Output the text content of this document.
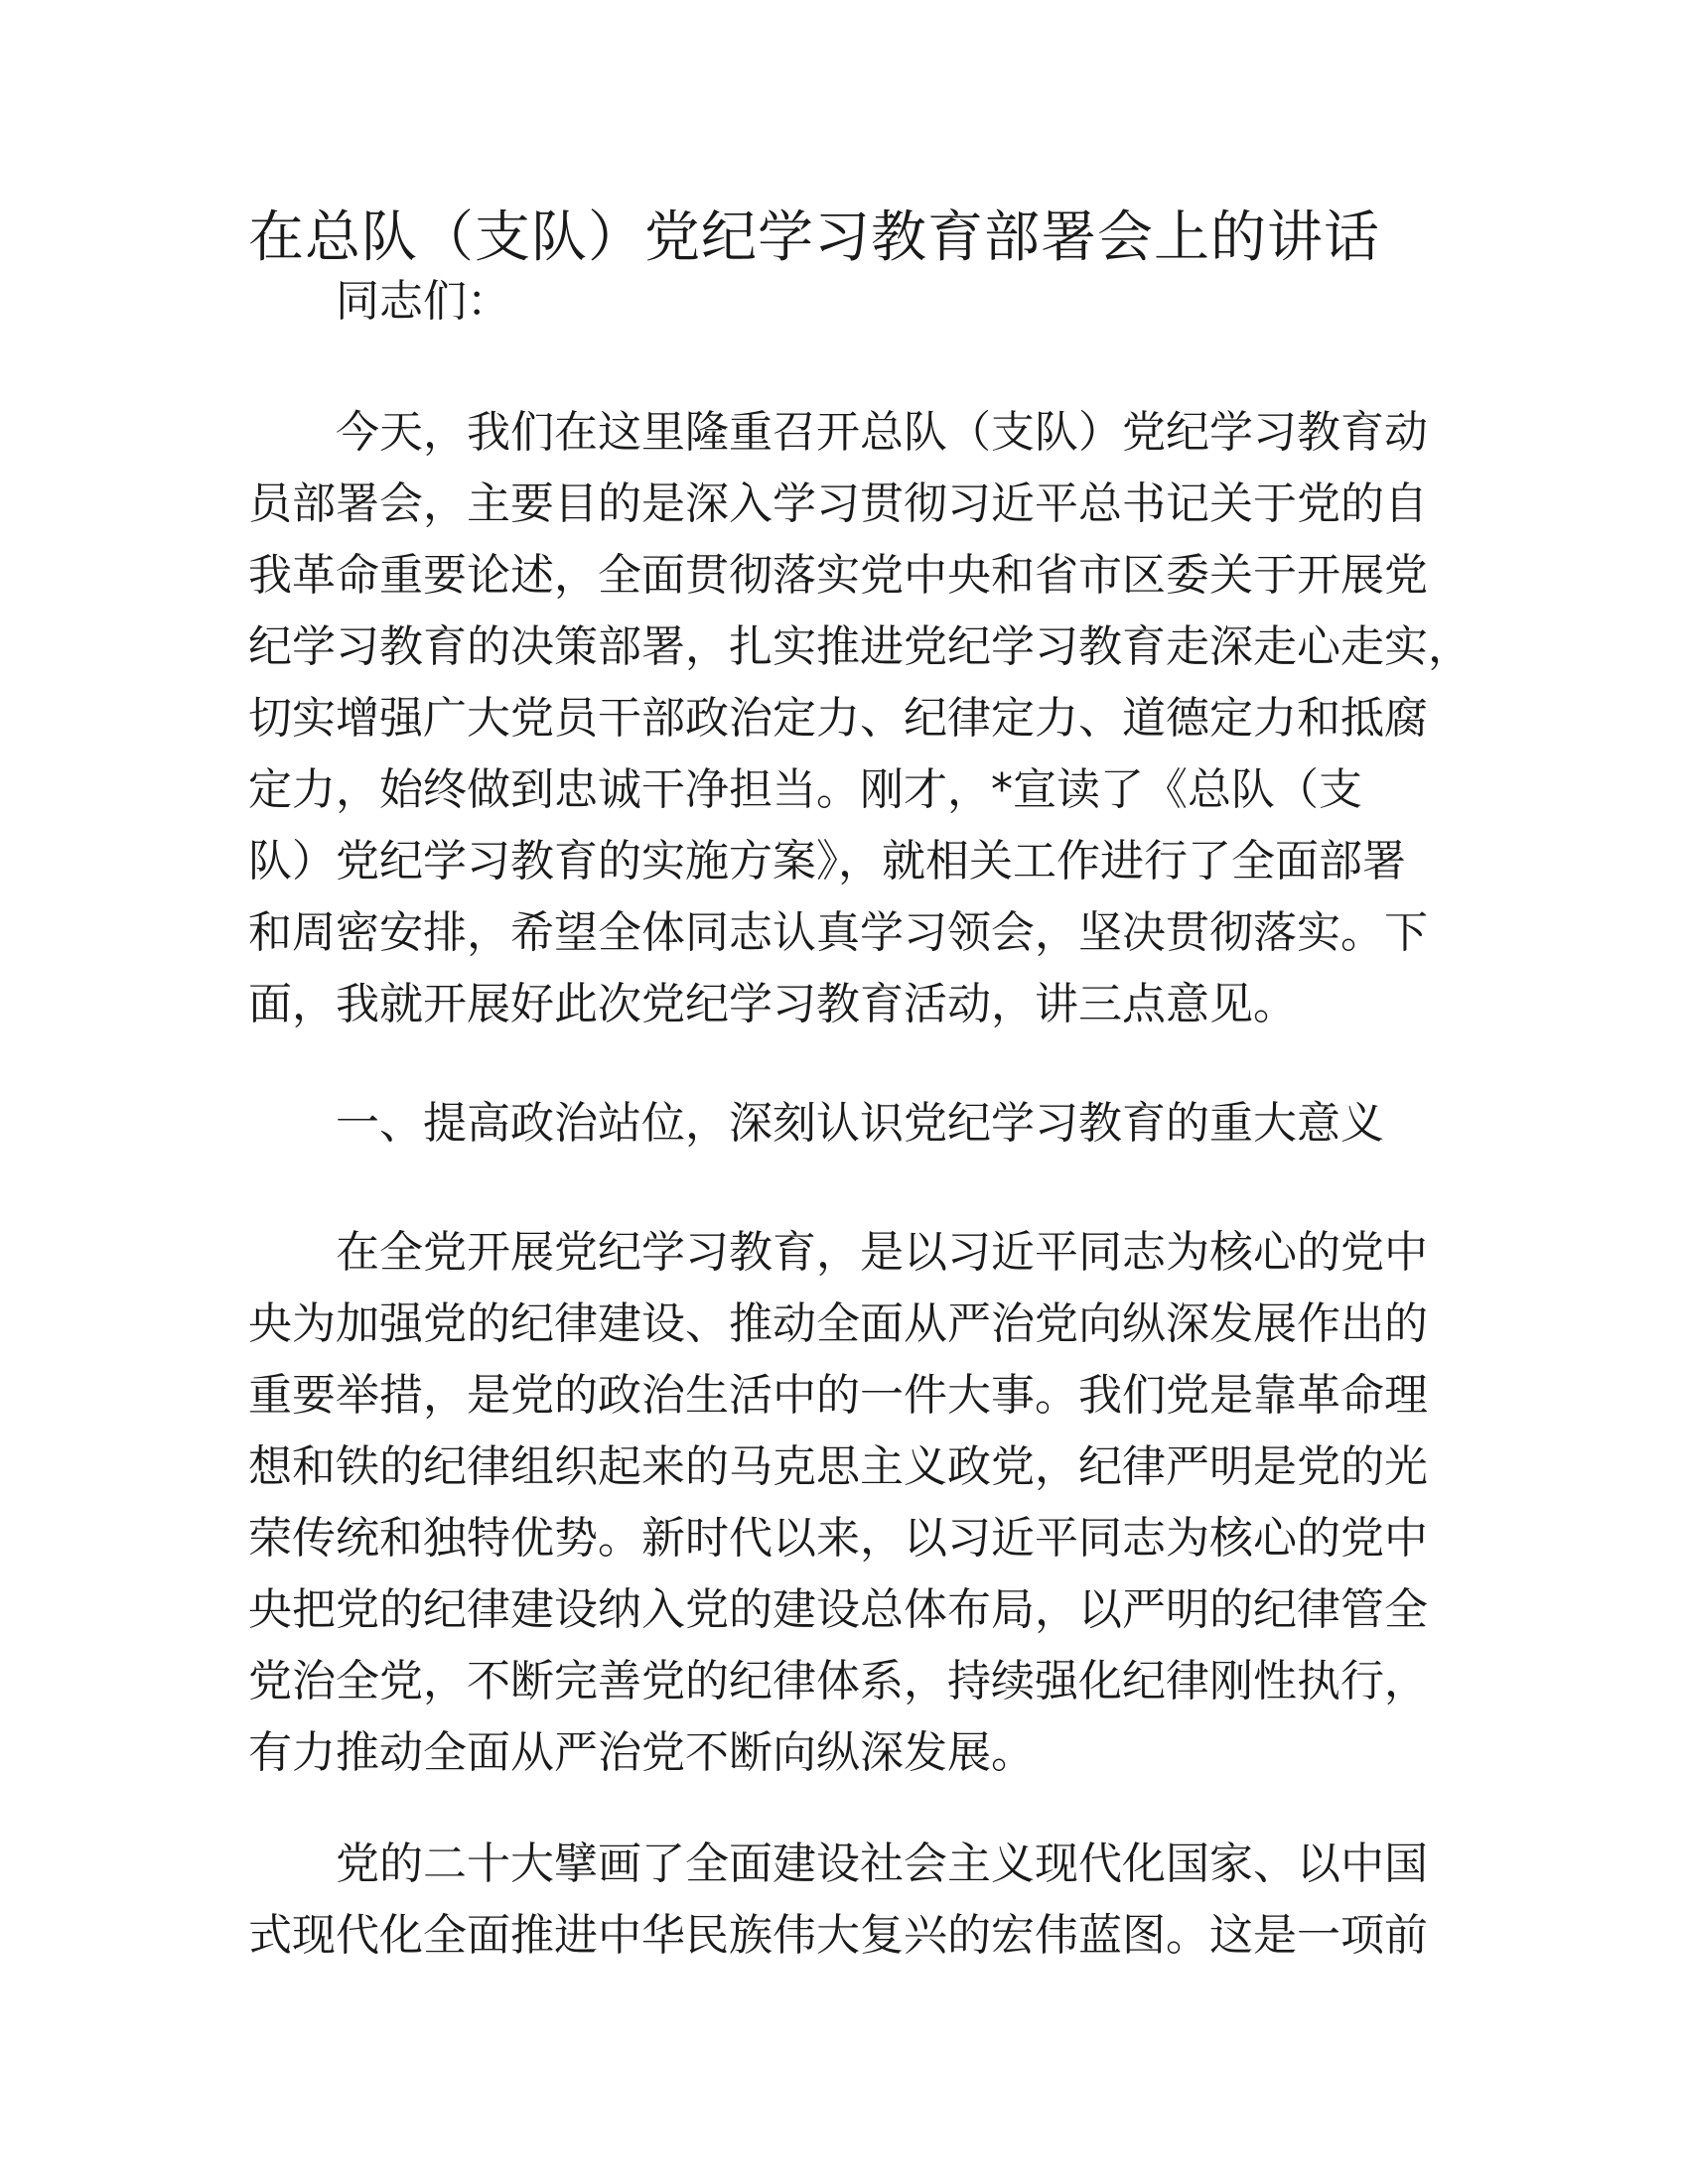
在总队（支队）党纪学习教育部署会上的讲话

同志们：

今天，我们在这里隆重召开总队（支队）党纪学习教育动

员部署会，主要目的是深入学习贯彻习近平总书记关于党的自

我革命重要论述，全面贯彻落实党中央和省市区委关于开展党

纪学习教育的决策部署，扎实推进党纪学习教育走深走心走实，

切实增强广大党员干部政治定力、纪律定力、道德定力和抵腐

定力，始终做到忠诚干净担当。刚才，*宣读了《总队（支

队）党纪学习教育的实施方案》，就相关工作进行了全面部署

和周密安排，希望全体同志认真学习领会，坚决贯彻落实。下

面，我就开展好此次党纪学习教育活动，讲三点意见。

一、提高政治站位，深刻认识党纪学习教育的重大意义

在全党开展党纪学习教育，是以习近平同志为核心的党中

央为加强党的纪律建设、推动全面从严治党向纵深发展作出的

重要举措，是党的政治生活中的一件大事。我们党是靠革命理

想和铁的纪律组织起来的马克思主义政党，纪律严明是党的光

荣传统和独特优势。新时代以来，以习近平同志为核心的党中

央把党的纪律建设纳入党的建设总体布局，以严明的纪律管全

党治全党，不断完善党的纪律体系，持续强化纪律刚性执行，

有力推动全面从严治党不断向纵深发展。

党的二十大擘画了全面建设社会主义现代化国家、以中国

式现代化全面推进中华民族伟大复兴的宏伟蓝图。这是一项前
